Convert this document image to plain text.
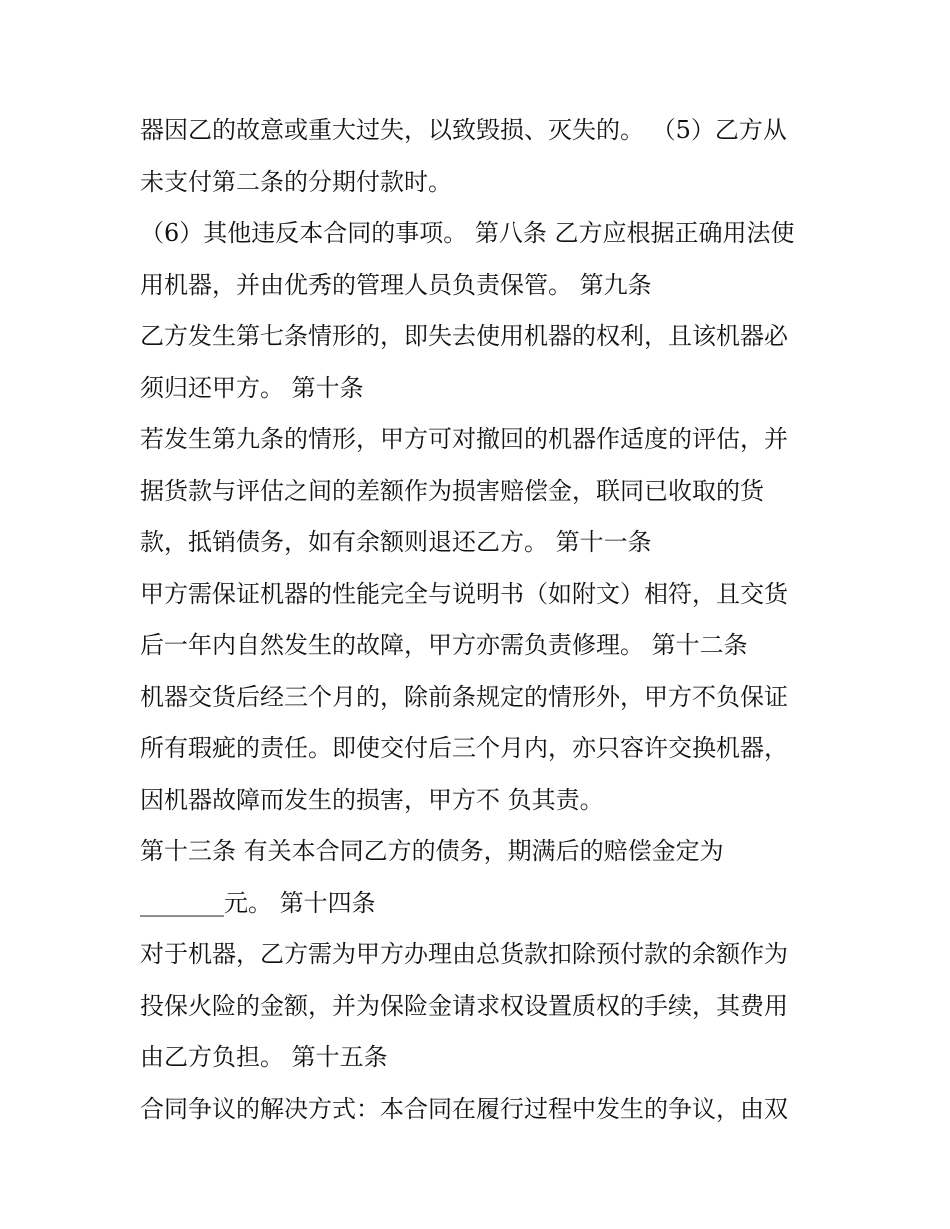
器因乙的故意或重大过失，以致毁损、灭失的。 （5）乙方从
未支付第二条的分期付款时。
（6）其他违反本合同的事项。 第八条 乙方应根据正确用法使
用机器，并由优秀的管理人员负责保管。 第九条
乙方发生第七条情形的，即失去使用机器的权利，且该机器必
须归还甲方。 第十条
若发生第九条的情形，甲方可对撤回的机器作适度的评估，并
据货款与评估之间的差额作为损害赔偿金，联同已收取的货
款，抵销债务，如有余额则退还乙方。 第十一条
甲方需保证机器的性能完全与说明书（如附文）相符，且交货
后一年内自然发生的故障，甲方亦需负责修理。 第十二条
机器交货后经三个月的，除前条规定的情形外，甲方不负保证
所有瑕疵的责任。即使交付后三个月内，亦只容许交换机器，
因机器故障而发生的损害，甲方不 负其责。
第十三条 有关本合同乙方的债务，期满后的赔偿金定为
_______元。 第十四条
对于机器，乙方需为甲方办理由总货款扣除预付款的余额作为
投保火险的金额，并为保险金请求权设置质权的手续，其费用
由乙方负担。 第十五条
合同争议的解决方式：本合同在履行过程中发生的争议，由双
